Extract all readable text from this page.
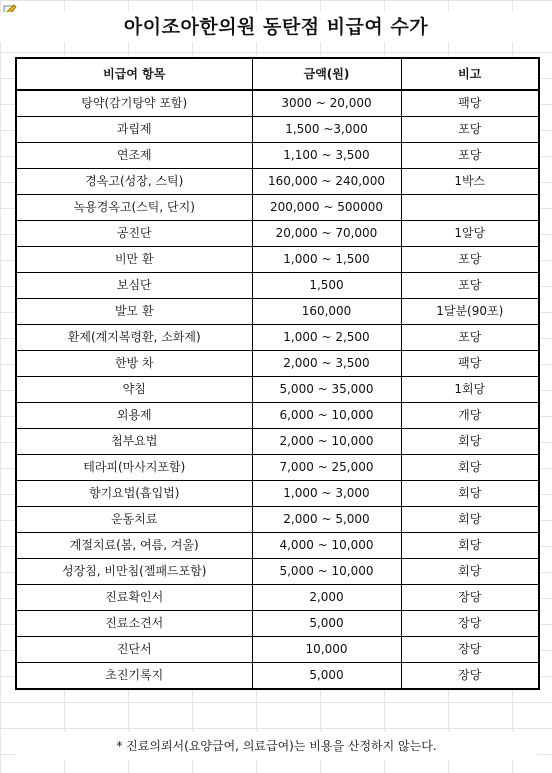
아이조아한의원 동탄점 비급여 수가
비급여 항목	금액(원)	비고
탕약(감기탕약 포함)	3000 ~ 20,000	팩당
과립제	1,500 ~3,000	포당
연조제	1,100 ~ 3,500	포당
경옥고(성장, 스틱)	160,000 ~ 240,000	1박스
녹용경옥고(스틱, 단지)	200,000 ~ 500000	
공진단	20,000 ~ 70,000	1알당
비만 환	1,000 ~ 1,500	포당
보심단	1,500	포당
발모 환	160,000	1달분(90포)
환제(계지복령환, 소화제)	1,000 ~ 2,500	포당
한방 차	2,000 ~ 3,500	팩당
약침	5,000 ~ 35,000	1회당
외용제	6,000 ~ 10,000	개당
첩부요법	2,000 ~ 10,000	회당
테라피(마사지포함)	7,000 ~ 25,000	회당
향기요법(흡입법)	1,000 ~ 3,000	회당
운동치료	2,000 ~ 5,000	회당
계절치료(봄, 여름, 겨울)	4,000 ~ 10,000	회당
성장침, 비만침(젤패드포함)	5,000 ~ 10,000	회당
진료확인서	2,000	장당
진료소견서	5,000	장당
진단서	10,000	장당
초진기록지	5,000	장당
* 진료의뢰서(요양급여, 의료급여)는 비용을 산정하지 않는다.
